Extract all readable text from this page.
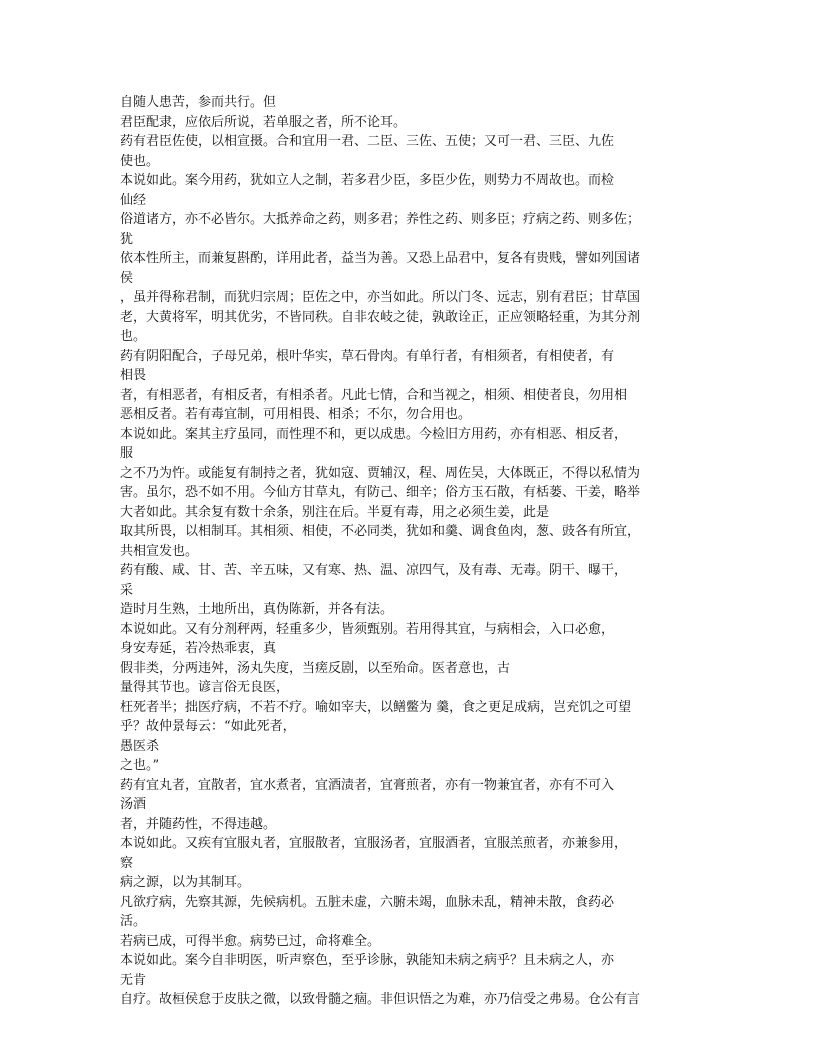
自随人患苦，参而共行。但
君臣配隶，应依后所说，若单服之者，所不论耳。
药有君臣佐使，以相宣摄。合和宜用一君、二臣、三佐、五使；又可一君、三臣、九佐
使也。
本说如此。案今用药，犹如立人之制，若多君少臣，多臣少佐，则势力不周故也。而检
仙经
俗道诸方，亦不必皆尔。大抵养命之药，则多君；养性之药、则多臣；疗病之药、则多佐；
犹
依本性所主，而兼复斟酌，详用此者，益当为善。又恐上品君中，复各有贵贱，譬如列国诸
侯
，虽并得称君制，而犹归宗周；臣佐之中，亦当如此。所以门冬、远志，别有君臣；甘草国
老，大黄将军，明其优劣，不皆同秩。自非农岐之徒，孰敢诠正，正应领略轻重，为其分剂
也。
药有阴阳配合，子母兄弟，根叶华实，草石骨肉。有单行者，有相须者，有相使者，有
相畏
者，有相恶者，有相反者，有相杀者。凡此七情，合和当视之，相须、相使者良，勿用相
恶相反者。若有毒宜制，可用相畏、相杀；不尔，勿合用也。
本说如此。案其主疗虽同，而性理不和，更以成患。今检旧方用药，亦有相恶、相反者，
服
之不乃为忤。或能复有制持之者，犹如寇、贾辅汉，程、周佐吴，大体既正，不得以私情为
害。虽尔，恐不如不用。今仙方甘草丸，有防己、细辛；俗方玉石散，有栝蒌、干姜，略举
大者如此。其余复有数十余条，别注在后。半夏有毒，用之必须生姜，此是
取其所畏，以相制耳。其相须、相使，不必同类，犹如和羹、调食鱼肉，葱、豉各有所宜，
共相宣发也。
药有酸、咸、甘、苦、辛五味，又有寒、热、温、凉四气，及有毒、无毒。阴干、曝干，
采
造时月生熟，土地所出，真伪陈新，并各有法。
本说如此。又有分剂秤两，轻重多少，皆须甄别。若用得其宜，与病相会，入口必愈，
身安寿延，若冷热乖衷，真
假非类，分两违舛，汤丸失度，当瘥反剧，以至殆命。医者意也，古
量得其节也。谚言俗无良医，
枉死者半；拙医疗病，不若不疗。喻如宰夫，以鳝鳖为 羹，食之更足成病，岂充饥之可望
乎？故仲景每云：“如此死者，
愚医杀
之也。”
药有宜丸者，宜散者，宜水煮者，宜酒渍者，宜膏煎者，亦有一物兼宜者，亦有不可入
汤酒
者，并随药性，不得违越。
本说如此。又疾有宜服丸者，宜服散者，宜服汤者，宜服酒者，宜服羔煎者，亦兼参用，
察
病之源，以为其制耳。
凡欲疗病，先察其源，先候病机。五脏未虚，六腑未竭，血脉未乱，精神未散，食药必
活。
若病已成，可得半愈。病势已过，命将难全。
本说如此。案今自非明医，听声察色，至乎诊脉，孰能知未病之病乎？且未病之人，亦
无肯
自疗。故桓侯怠于皮肤之微，以致骨髓之痼。非但识悟之为难，亦乃信受之弗易。仓公有言
